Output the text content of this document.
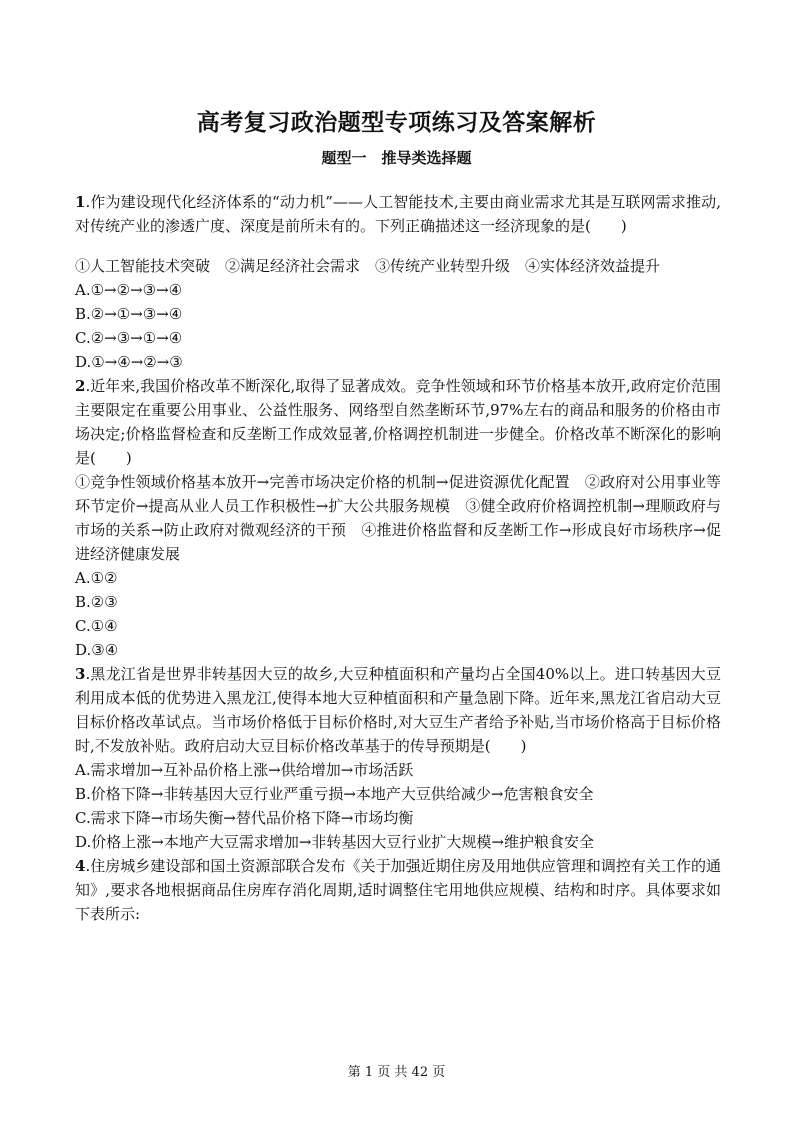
高考复习政治题型专项练习及答案解析
题型一　推导类选择题

1.作为建设现代化经济体系的“动力机”——人工智能技术,主要由商业需求尤其是互联网需求推动,对传统产业的渗透广度、深度是前所未有的。下列正确描述这一经济现象的是(　　)

①人工智能技术突破　②满足经济社会需求　③传统产业转型升级　④实体经济效益提升

A.①→②→③→④

B.②→①→③→④

C.②→③→①→④

D.①→④→②→③

2.近年来,我国价格改革不断深化,取得了显著成效。竞争性领域和环节价格基本放开,政府定价范围主要限定在重要公用事业、公益性服务、网络型自然垄断环节,97%左右的商品和服务的价格由市场决定;价格监督检查和反垄断工作成效显著,价格调控机制进一步健全。价格改革不断深化的影响是(　　)

①竞争性领域价格基本放开→完善市场决定价格的机制→促进资源优化配置　②政府对公用事业等环节定价→提高从业人员工作积极性→扩大公共服务规模　③健全政府价格调控机制→理顺政府与市场的关系→防止政府对微观经济的干预　④推进价格监督和反垄断工作→形成良好市场秩序→促进经济健康发展

A.①②

B.②③

C.①④

D.③④

3.黑龙江省是世界非转基因大豆的故乡,大豆种植面积和产量均占全国40%以上。进口转基因大豆利用成本低的优势进入黑龙江,使得本地大豆种植面积和产量急剧下降。近年来,黑龙江省启动大豆目标价格改革试点。当市场价格低于目标价格时,对大豆生产者给予补贴,当市场价格高于目标价格时,不发放补贴。政府启动大豆目标价格改革基于的传导预期是(　　)

A.需求增加→互补品价格上涨→供给增加→市场活跃

B.价格下降→非转基因大豆行业严重亏损→本地产大豆供给减少→危害粮食安全

C.需求下降→市场失衡→替代品价格下降→市场均衡

D.价格上涨→本地产大豆需求增加→非转基因大豆行业扩大规模→维护粮食安全

4.住房城乡建设部和国土资源部联合发布《关于加强近期住房及用地供应管理和调控有关工作的通知》,要求各地根据商品住房库存消化周期,适时调整住宅用地供应规模、结构和时序。具体要求如下表所示:

第 1 页 共 42 页
